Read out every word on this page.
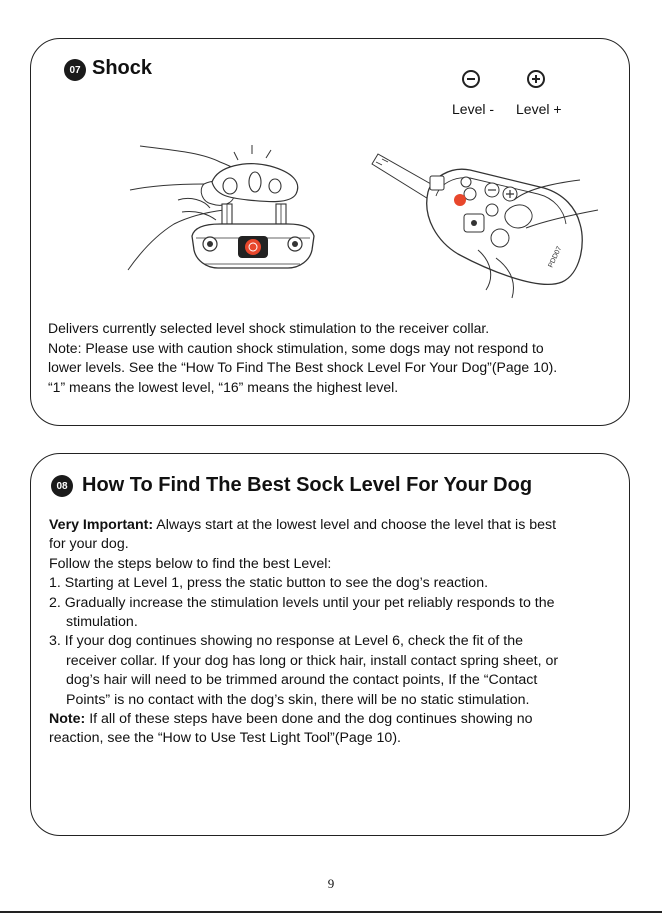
07 Shock
Level - Level +
PDD07
Delivers currently selected level shock stimulation to the receiver collar.
Note: Please use with caution shock stimulation, some dogs may not respond to
lower levels. See the “How To Find The Best shock Level For Your Dog”(Page 10).
“1” means the lowest level, “16” means the highest level.
08 How To Find The Best Sock Level For Your Dog
Very Important: Always start at the lowest level and choose the level that is best
for your dog.
Follow the steps below to find the best Level:
1. Starting at Level 1, press the static button to see the dog’s reaction.
2. Gradually increase the stimulation levels until your pet reliably responds to the
stimulation.
3. If your dog continues showing no response at Level 6, check the fit of the
receiver collar. If your dog has long or thick hair, install contact spring sheet, or
dog’s hair will need to be trimmed around the contact points, If the “Contact
Points” is no contact with the dog’s skin, there will be no static stimulation.
Note: If all of these steps have been done and the dog continues showing no
reaction, see the “How to Use Test Light Tool”(Page 10).
9
